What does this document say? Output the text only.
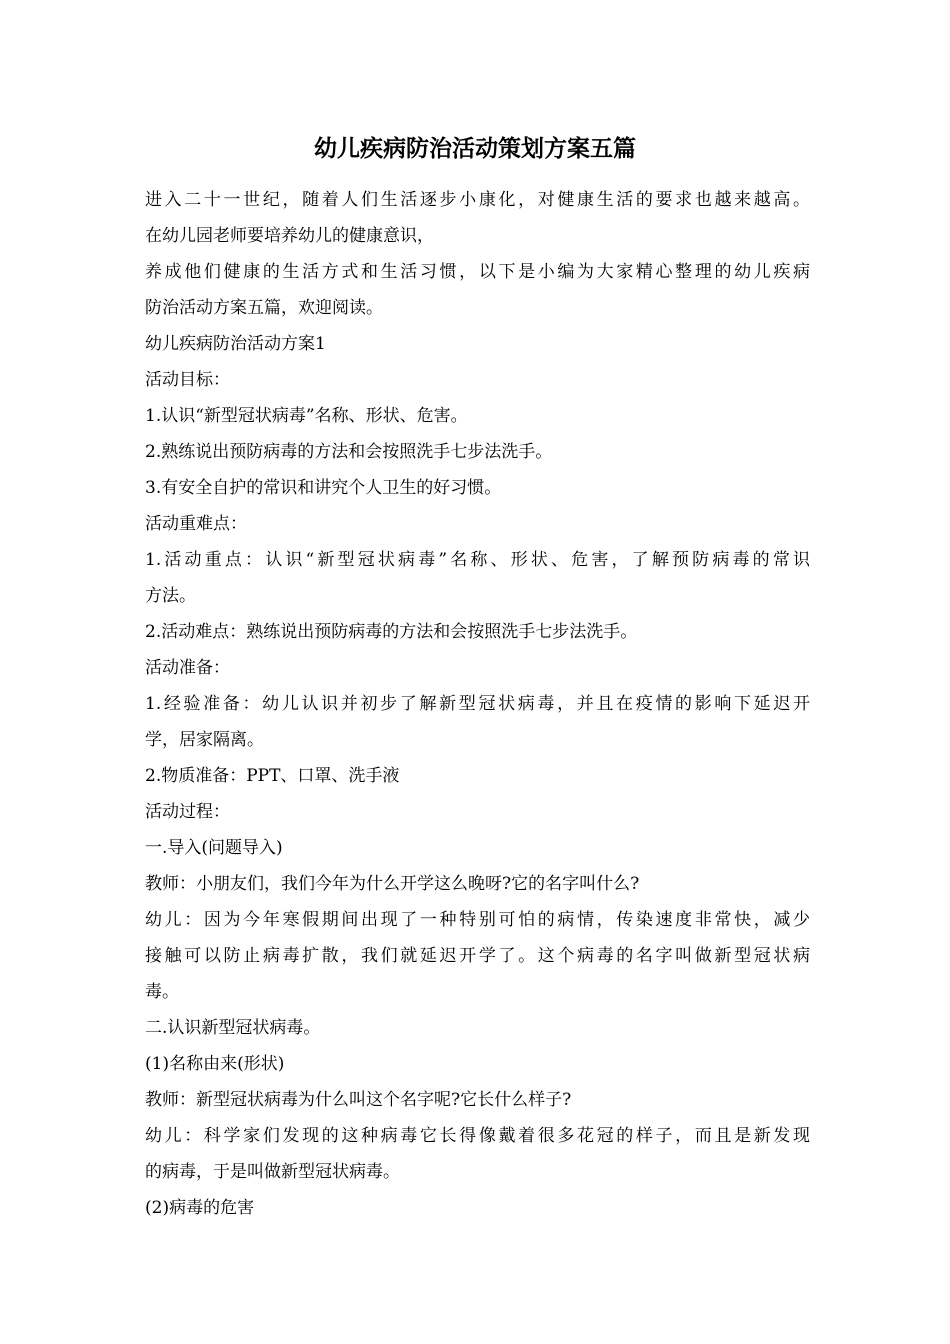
幼儿疾病防治活动策划方案五篇
进入二十一世纪，随着人们生活逐步小康化，对健康生活的要求也越来越高。
在幼儿园老师要培养幼儿的健康意识，
养成他们健康的生活方式和生活习惯，以下是小编为大家精心整理的幼儿疾病
防治活动方案五篇，欢迎阅读。
幼儿疾病防治活动方案1
活动目标：
1.认识“新型冠状病毒”名称、形状、危害。
2.熟练说出预防病毒的方法和会按照洗手七步法洗手。
3.有安全自护的常识和讲究个人卫生的好习惯。
活动重难点：
1.活动重点：认识“新型冠状病毒”名称、形状、危害，了解预防病毒的常识
方法。
2.活动难点：熟练说出预防病毒的方法和会按照洗手七步法洗手。
活动准备：
1.经验准备：幼儿认识并初步了解新型冠状病毒，并且在疫情的影响下延迟开
学，居家隔离。
2.物质准备：PPT、口罩、洗手液
活动过程：
一.导入(问题导入)
教师：小朋友们，我们今年为什么开学这么晚呀?它的名字叫什么?
幼儿：因为今年寒假期间出现了一种特别可怕的病情，传染速度非常快，减少
接触可以防止病毒扩散，我们就延迟开学了。这个病毒的名字叫做新型冠状病
毒。
二.认识新型冠状病毒。
(1)名称由来(形状)
教师：新型冠状病毒为什么叫这个名字呢?它长什么样子?
幼儿：科学家们发现的这种病毒它长得像戴着很多花冠的样子，而且是新发现
的病毒，于是叫做新型冠状病毒。
(2)病毒的危害
